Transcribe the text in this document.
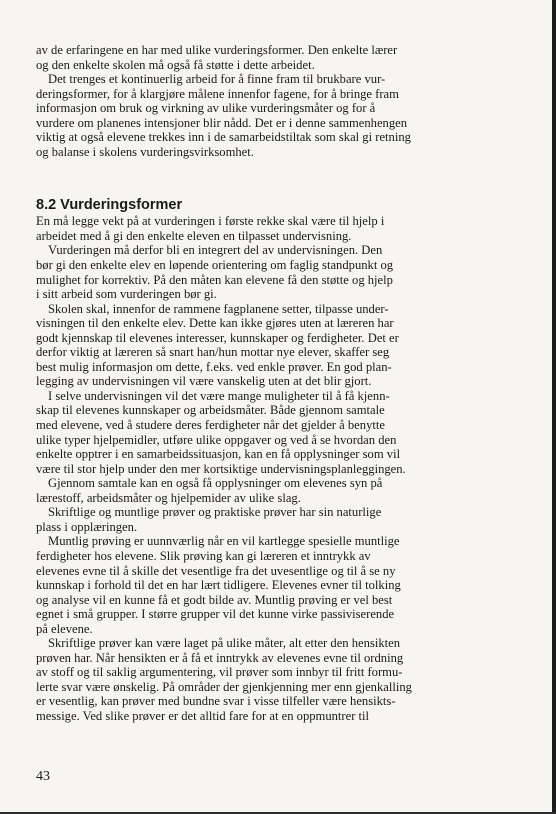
av de erfaringene en har med ulike vurderingsformer. Den enkelte lærer
og den enkelte skolen må også få støtte i dette arbeidet.

Det trenges et kontinuerlig arbeid for å finne fram til brukbare vur-
deringsformer, for å klargjøre målene innenfor fagene, for å bringe fram
informasjon om bruk og virkning av ulike vurderingsmåter og for å
vurdere om planenes intensjoner blir nådd. Det er i denne sammenhengen
viktig at også elevene trekkes inn i de samarbeidstiltak som skal gi retning
og balanse i skolens vurderingsvirksomhet.

8.2 Vurderingsformer

En må legge vekt på at vurderingen i første rekke skal være til hjelp i
arbeidet med å gi den enkelte eleven en tilpasset undervisning.

Vurderingen må derfor bli en integrert del av undervisningen. Den
bør gi den enkelte elev en løpende orientering om faglig standpunkt og
mulighet for korrektiv. På den måten kan elevene få den støtte og hjelp
i sitt arbeid som vurderingen bør gi.

Skolen skal, innenfor de rammene fagplanene setter, tilpasse under-
visningen til den enkelte elev. Dette kan ikke gjøres uten at læreren har
godt kjennskap til elevenes interesser, kunnskaper og ferdigheter. Det er
derfor viktig at læreren så snart han/hun mottar nye elever, skaffer seg
best mulig informasjon om dette, f.eks. ved enkle prøver. En god plan-
legging av undervisningen vil være vanskelig uten at det blir gjort.

I selve undervisningen vil det være mange muligheter til å få kjenn-
skap til elevenes kunnskaper og arbeidsmåter. Både gjennom samtale
med elevene, ved å studere deres ferdigheter når det gjelder å benytte
ulike typer hjelpemidler, utføre ulike oppgaver og ved å se hvordan den
enkelte opptrer i en samarbeidssituasjon, kan en få opplysninger som vil
være til stor hjelp under den mer kortsiktige undervisningsplanleggingen.

Gjennom samtale kan en også få opplysninger om elevenes syn på
lærestoff, arbeidsmåter og hjelpemider av ulike slag.

Skriftlige og muntlige prøver og praktiske prøver har sin naturlige
plass i opplæringen.

Muntlig prøving er uunnværlig når en vil kartlegge spesielle muntlige
ferdigheter hos elevene. Slik prøving kan gi læreren et inntrykk av
elevenes evne til å skille det vesentlige fra det uvesentlige og til å se ny
kunnskap i forhold til det en har lært tidligere. Elevenes evner til tolking
og analyse vil en kunne få et godt bilde av. Muntlig prøving er vel best
egnet i små grupper. I større grupper vil det kunne virke passiviserende
på elevene.

Skriftlige prøver kan være laget på ulike måter, alt etter den hensikten
prøven har. Når hensikten er å få et inntrykk av elevenes evne til ordning
av stoff og til saklig argumentering, vil prøver som innbyr til fritt formu-
lerte svar være ønskelig. På områder der gjenkjenning mer enn gjenkalling
er vesentlig, kan prøver med bundne svar i visse tilfeller være hensikts-
messige. Ved slike prøver er det alltid fare for at en oppmuntrer til

43
